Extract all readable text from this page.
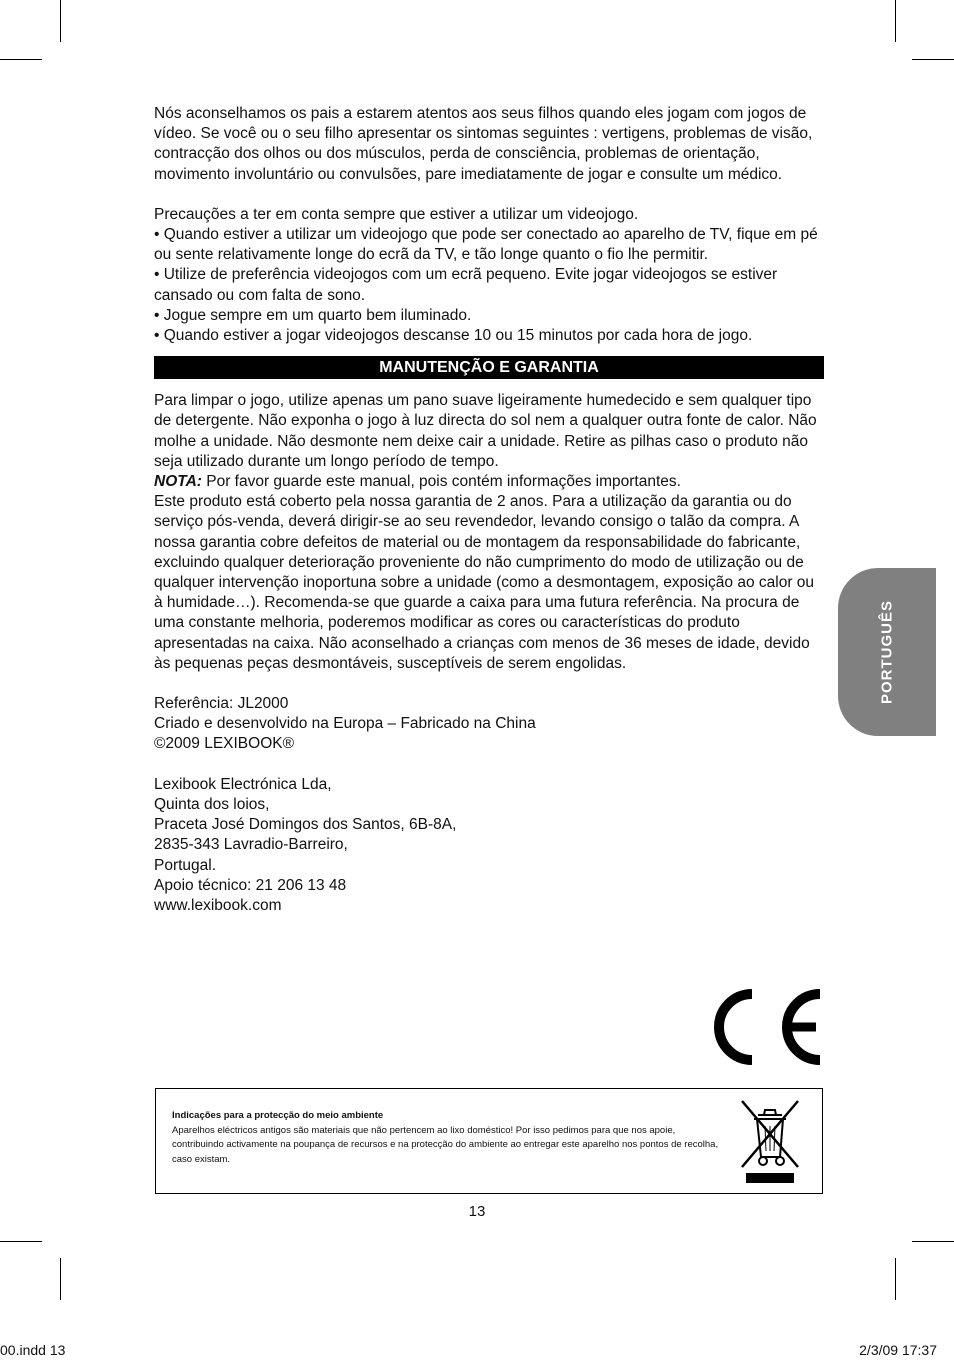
Nós aconselhamos os pais a estarem atentos aos seus filhos quando eles jogam com jogos de vídeo. Se você ou o seu filho apresentar os sintomas seguintes : vertigens, problemas de visão, contracção dos olhos ou dos músculos, perda de consciência, problemas de orientação, movimento involuntário ou convulsões, pare imediatamente de jogar e consulte um médico.

Precauções a ter em conta sempre que estiver a utilizar um videojogo.

• Quando estiver a utilizar um videojogo que pode ser conectado ao aparelho de TV, fique em pé ou sente relativamente longe do ecrã da TV, e tão longe quanto o fio lhe permitir.

• Utilize de preferência videojogos com um ecrã pequeno. Evite jogar videojogos se estiver cansado ou com falta de sono.

• Jogue sempre em um quarto bem iluminado.

• Quando estiver a jogar videojogos descanse 10 ou 15 minutos por cada hora de jogo.

MANUTENÇÃO E GARANTIA

Para limpar o jogo, utilize apenas um pano suave ligeiramente humedecido e sem qualquer tipo de detergente. Não exponha o jogo à luz directa do sol nem a qualquer outra fonte de calor. Não molhe a unidade. Não desmonte nem deixe cair a unidade. Retire as pilhas caso o produto não seja utilizado durante um longo período de tempo.

NOTA: Por favor guarde este manual, pois contém informações importantes.

Este produto está coberto pela nossa garantia de 2 anos. Para a utilização da garantia ou do serviço pós-venda, deverá dirigir-se ao seu revendedor, levando consigo o talão da compra. A nossa garantia cobre defeitos de material ou de montagem da responsabilidade do fabricante, excluindo qualquer deterioração proveniente do não cumprimento do modo de utilização ou de qualquer intervenção inoportuna sobre a unidade (como a desmontagem, exposição ao calor ou à humidade…). Recomenda-se que guarde a caixa para uma futura referência. Na procura de uma constante melhoria, poderemos modificar as cores ou características do produto apresentadas na caixa. Não aconselhado a crianças com menos de 36 meses de idade, devido às pequenas peças desmontáveis, susceptíveis de serem engolidas.

Referência: JL2000

Criado e desenvolvido na Europa – Fabricado na China

©2009 LEXIBOOK®

Lexibook Electrónica Lda,

Quinta dos loios,

Praceta José Domingos dos Santos, 6B-8A,

2835-343 Lavradio-Barreiro,

Portugal.

Apoio técnico: 21 206 13 48

www.lexibook.com

PORTUGUÊS
Indicações para a protecção do meio ambiente
Aparelhos eléctricos antigos são materiais que não pertencem ao lixo doméstico! Por isso pedimos para que nos apoie, contribuindo activamente na poupança de recursos e na protecção do ambiente ao entregar este aparelho nos pontos de recolha, caso existam.
13
00.indd 13	2/3/09 17:37
